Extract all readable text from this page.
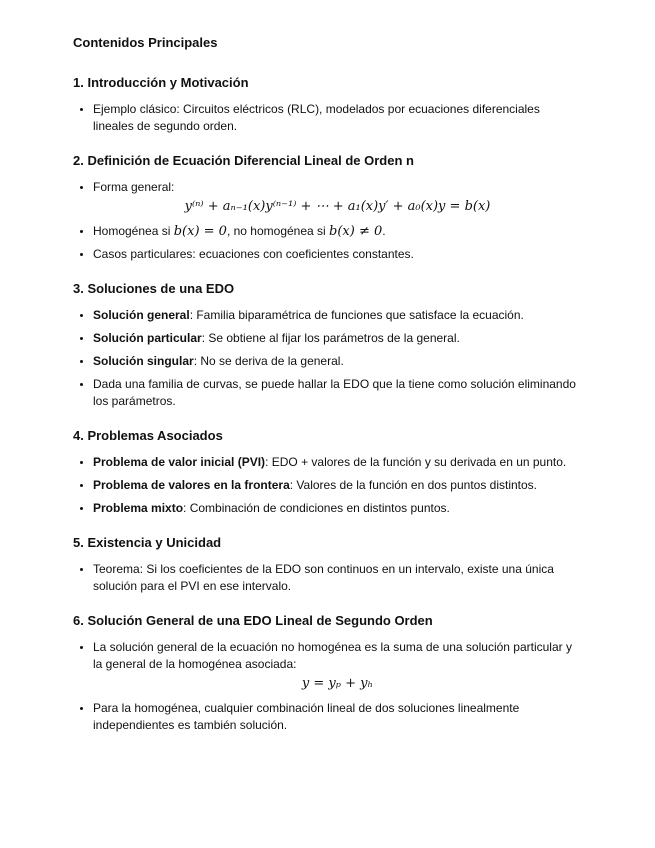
Contenidos Principales
1. Introducción y Motivación
• Ejemplo clásico: Circuitos eléctricos (RLC), modelados por ecuaciones diferenciales lineales de segundo orden.
2. Definición de Ecuación Diferencial Lineal de Orden n
• Forma general:
y⁽ⁿ⁾ + aₙ₋₁(x)y⁽ⁿ⁻¹⁾ + ⋯ + a₁(x)y′ + a₀(x)y = b(x)
• Homogénea si b(x) = 0, no homogénea si b(x) ≠ 0.
• Casos particulares: ecuaciones con coeficientes constantes.
3. Soluciones de una EDO
• Solución general: Familia biparamétrica de funciones que satisface la ecuación.
• Solución particular: Se obtiene al fijar los parámetros de la general.
• Solución singular: No se deriva de la general.
• Dada una familia de curvas, se puede hallar la EDO que la tiene como solución eliminando los parámetros.
4. Problemas Asociados
• Problema de valor inicial (PVI): EDO + valores de la función y su derivada en un punto.
• Problema de valores en la frontera: Valores de la función en dos puntos distintos.
• Problema mixto: Combinación de condiciones en distintos puntos.
5. Existencia y Unicidad
• Teorema: Si los coeficientes de la EDO son continuos en un intervalo, existe una única solución para el PVI en ese intervalo.
6. Solución General de una EDO Lineal de Segundo Orden
• La solución general de la ecuación no homogénea es la suma de una solución particular y la general de la homogénea asociada:
y = yₚ + yₕ
• Para la homogénea, cualquier combinación lineal de dos soluciones linealmente independientes es también solución.
